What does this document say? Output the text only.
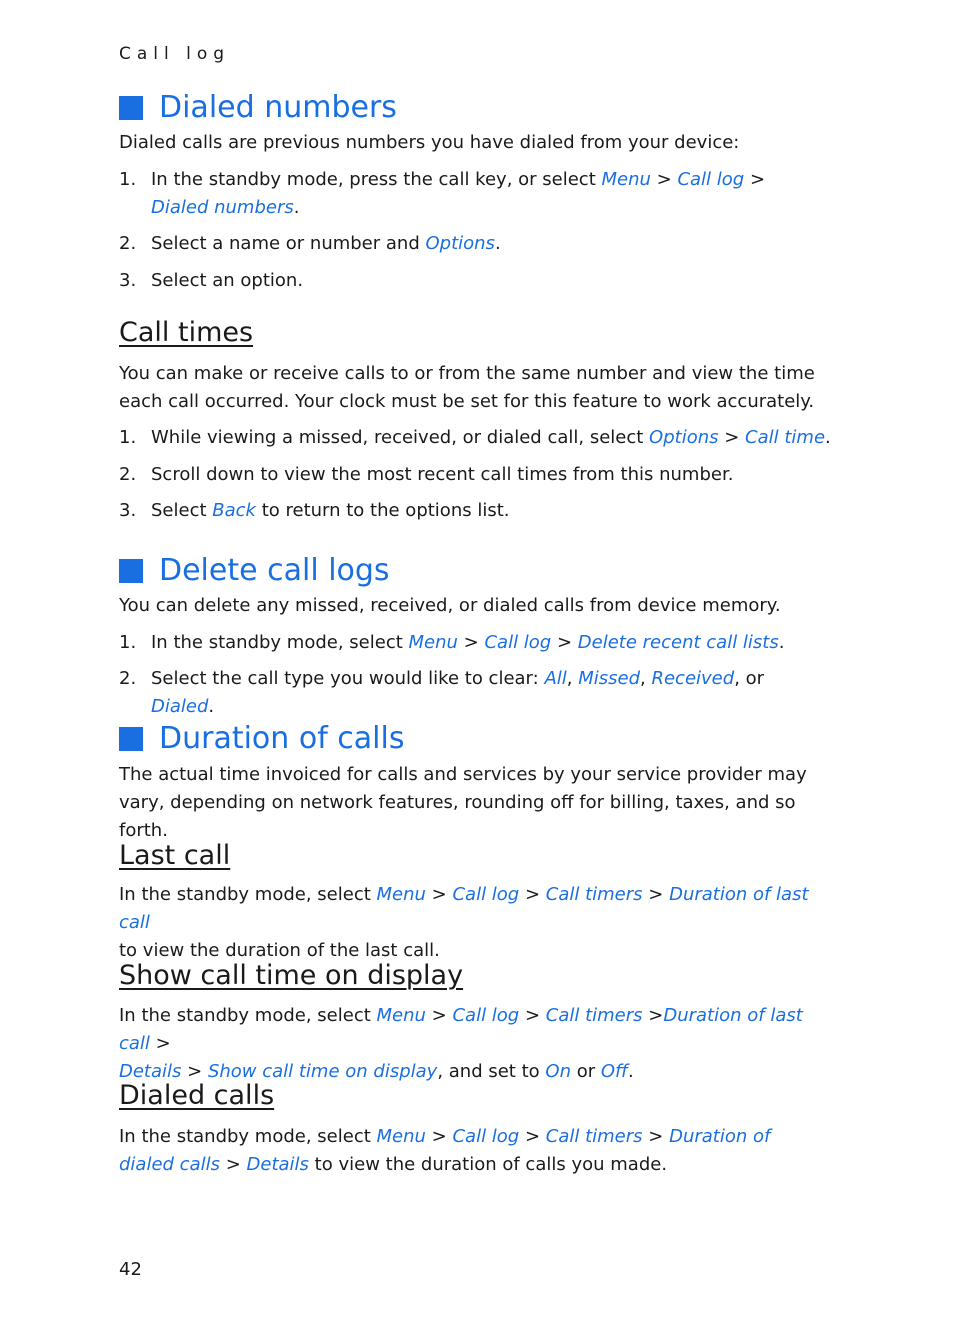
Call log
Dialed numbers
Dialed calls are previous numbers you have dialed from your device:
1. In the standby mode, press the call key, or select Menu > Call log >
Dialed numbers.
2. Select a name or number and Options.
3. Select an option.
Call times
You can make or receive calls to or from the same number and view the time each call occurred. Your clock must be set for this feature to work accurately.
1. While viewing a missed, received, or dialed call, select Options > Call time.
2. Scroll down to view the most recent call times from this number.
3. Select Back to return to the options list.
Delete call logs
You can delete any missed, received, or dialed calls from device memory.
1. In the standby mode, select Menu > Call log > Delete recent call lists.
2. Select the call type you would like to clear: All, Missed, Received, or Dialed.
Duration of calls
The actual time invoiced for calls and services by your service provider may vary, depending on network features, rounding off for billing, taxes, and so forth.
Last call
In the standby mode, select Menu > Call log > Call timers > Duration of last call
to view the duration of the last call.
Show call time on display
In the standby mode, select Menu > Call log > Call timers >Duration of last call >
Details > Show call time on display, and set to On or Off.
Dialed calls
In the standby mode, select Menu > Call log > Call timers > Duration of dialed calls > Details to view the duration of calls you made.
42
